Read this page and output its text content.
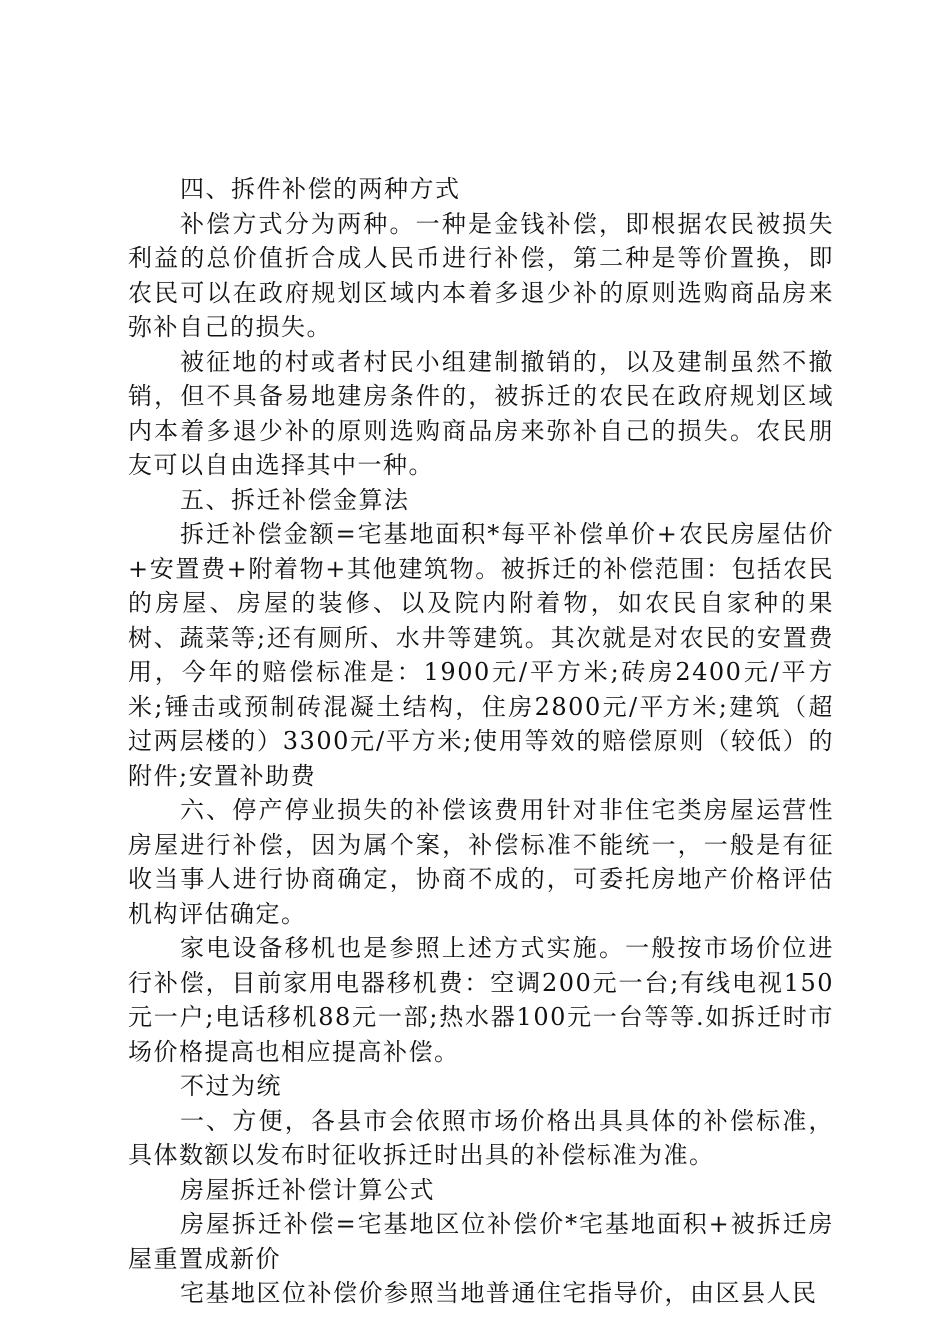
四、拆件补偿的两种方式

补偿方式分为两种。一种是金钱补偿，即根据农民被损失利益的总价值折合成人民币进行补偿，第二种是等价置换，即农民可以在政府规划区域内本着多退少补的原则选购商品房来弥补自己的损失。

被征地的村或者村民小组建制撤销的，以及建制虽然不撤销，但不具备易地建房条件的，被拆迁的农民在政府规划区域内本着多退少补的原则选购商品房来弥补自己的损失。农民朋友可以自由选择其中一种。

五、拆迁补偿金算法

拆迁补偿金额=宅基地面积*每平补偿单价+农民房屋估价+安置费+附着物+其他建筑物。被拆迁的补偿范围：包括农民的房屋、房屋的装修、以及院内附着物，如农民自家种的果树、蔬菜等;还有厕所、水井等建筑。其次就是对农民的安置费用，今年的赔偿标准是：1900元/平方米;砖房2400元/平方米;锤击或预制砖混凝土结构，住房2800元/平方米;建筑（超过两层楼的）3300元/平方米;使用等效的赔偿原则（较低）的附件;安置补助费

六、停产停业损失的补偿该费用针对非住宅类房屋运营性房屋进行补偿，因为属个案，补偿标准不能统一，一般是有征收当事人进行协商确定，协商不成的，可委托房地产价格评估机构评估确定。

家电设备移机也是参照上述方式实施。一般按市场价位进行补偿，目前家用电器移机费：空调200元一台;有线电视150元一户;电话移机88元一部;热水器100元一台等等.如拆迁时市场价格提高也相应提高补偿。

不过为统

一、方便，各县市会依照市场价格出具具体的补偿标准，具体数额以发布时征收拆迁时出具的补偿标准为准。

房屋拆迁补偿计算公式

房屋拆迁补偿=宅基地区位补偿价*宅基地面积+被拆迁房屋重置成新价

宅基地区位补偿价参照当地普通住宅指导价，由区县人民
